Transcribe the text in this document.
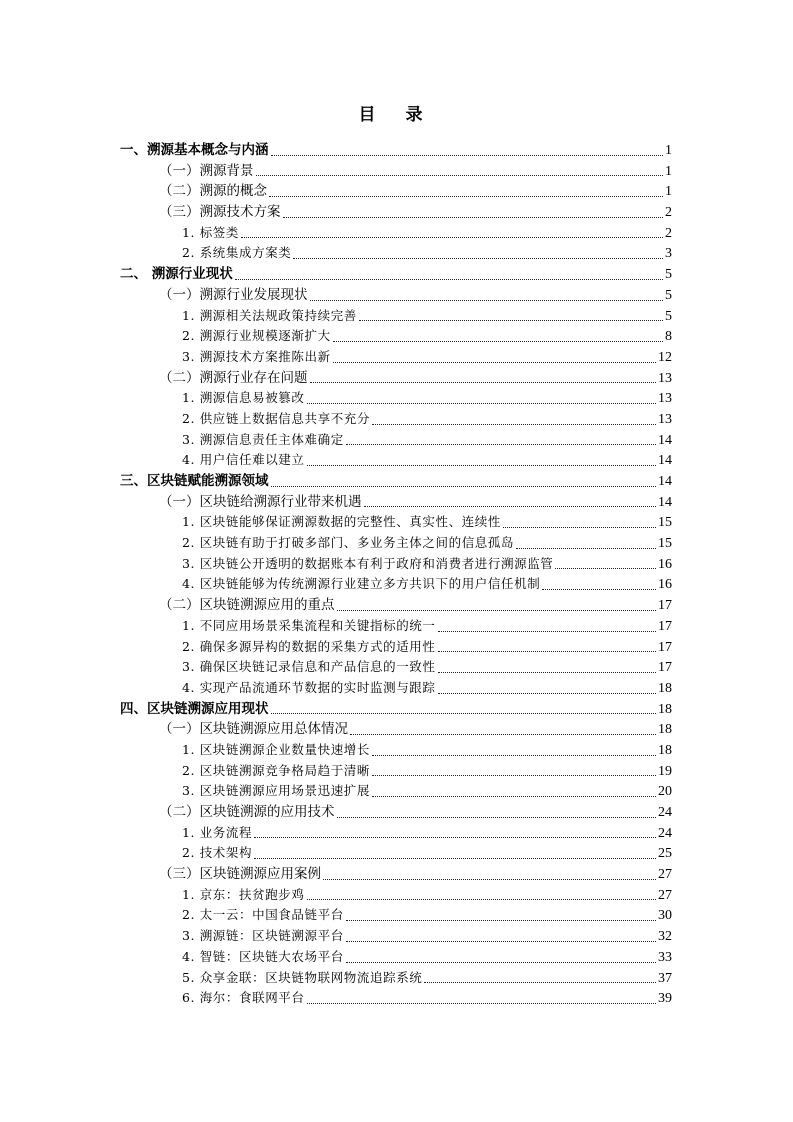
目 录
一、溯源基本概念与内涵	1
（一）溯源背景	1
（二）溯源的概念	1
（三）溯源技术方案	2
1. 标签类	2
2. 系统集成方案类	3
二、 溯源行业现状	5
（一）溯源行业发展现状	5
1. 溯源相关法规政策持续完善	5
2. 溯源行业规模逐渐扩大	8
3. 溯源技术方案推陈出新	12
（二）溯源行业存在问题	13
1. 溯源信息易被篡改	13
2. 供应链上数据信息共享不充分	13
3. 溯源信息责任主体难确定	14
4. 用户信任难以建立	14
三、区块链赋能溯源领域	14
（一）区块链给溯源行业带来机遇	14
1. 区块链能够保证溯源数据的完整性、真实性、连续性	15
2. 区块链有助于打破多部门、多业务主体之间的信息孤岛	15
3. 区块链公开透明的数据账本有利于政府和消费者进行溯源监管	16
4. 区块链能够为传统溯源行业建立多方共识下的用户信任机制	16
（二）区块链溯源应用的重点	17
1. 不同应用场景采集流程和关键指标的统一	17
2. 确保多源异构的数据的采集方式的适用性	17
3. 确保区块链记录信息和产品信息的一致性	17
4. 实现产品流通环节数据的实时监测与跟踪	18
四、区块链溯源应用现状	18
（一）区块链溯源应用总体情况	18
1. 区块链溯源企业数量快速增长	18
2. 区块链溯源竞争格局趋于清晰	19
3. 区块链溯源应用场景迅速扩展	20
（二）区块链溯源的应用技术	24
1. 业务流程	24
2. 技术架构	25
（三）区块链溯源应用案例	27
1. 京东：扶贫跑步鸡	27
2. 太一云：中国食品链平台	30
3. 溯源链：区块链溯源平台	32
4. 智链：区块链大农场平台	33
5. 众享金联：区块链物联网物流追踪系统	37
6. 海尔：食联网平台	39
